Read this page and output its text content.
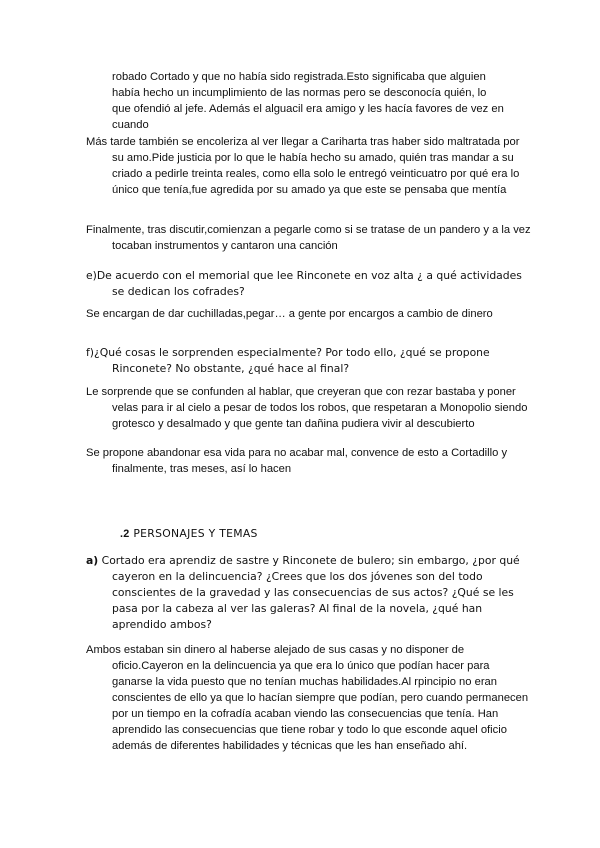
robado Cortado y que no había sido registrada.Esto significaba que alguien había hecho un incumplimiento de las normas pero se desconocía quién, lo que ofendió al jefe. Además el alguacil era amigo y les hacía favores de vez en cuando
Más tarde también se encoleriza al ver llegar a Cariharta tras haber sido maltratada por su amo.Pide justicia por lo que le había hecho su amado, quién tras mandar a su criado a pedirle treinta reales, como ella solo le entregó veinticuatro por qué era lo único que tenía,fue agredida por su amado ya que este se pensaba que mentía
Finalmente, tras discutir,comienzan a pegarle como si se tratase de un pandero y a la vez tocaban instrumentos y cantaron una canción
e)De acuerdo con el memorial que lee Rinconete en voz alta ¿ a qué actividades se dedican los cofrades?
Se encargan de dar cuchilladas,pegar… a gente por encargos a cambio de dinero
f)¿Qué cosas le sorprenden especialmente? Por todo ello, ¿qué se propone Rinconete? No obstante, ¿qué hace al final?
Le sorprende que se confunden al hablar, que creyeran que con rezar bastaba y poner velas para ir al cielo a pesar de todos los robos, que respetaran a Monopolio siendo grotesco y desalmado y que gente tan dañina pudiera vivir al descubierto
Se propone abandonar esa vida para no acabar mal, convence de esto a Cortadillo y finalmente, tras meses, así lo hacen
.2 PERSONAJES Y TEMAS
a) Cortado era aprendiz de sastre y Rinconete de bulero; sin embargo, ¿por qué cayeron en la delincuencia? ¿Crees que los dos jóvenes son del todo conscientes de la gravedad y las consecuencias de sus actos? ¿Qué se les pasa por la cabeza al ver las galeras? Al final de la novela, ¿qué han aprendido ambos?
Ambos estaban sin dinero al haberse alejado de sus casas y no disponer de oficio.Cayeron en la delincuencia ya que era lo único que podían hacer para ganarse la vida puesto que no tenían muchas habilidades.Al rpincipio no eran conscientes de ello ya que lo hacían siempre que podían, pero cuando permanecen por un tiempo en la cofradía acaban viendo las consecuencias que tenía. Han aprendido las consecuencias que tiene robar y todo lo que esconde aquel oficio además de diferentes habilidades y técnicas que les han enseñado ahí.
